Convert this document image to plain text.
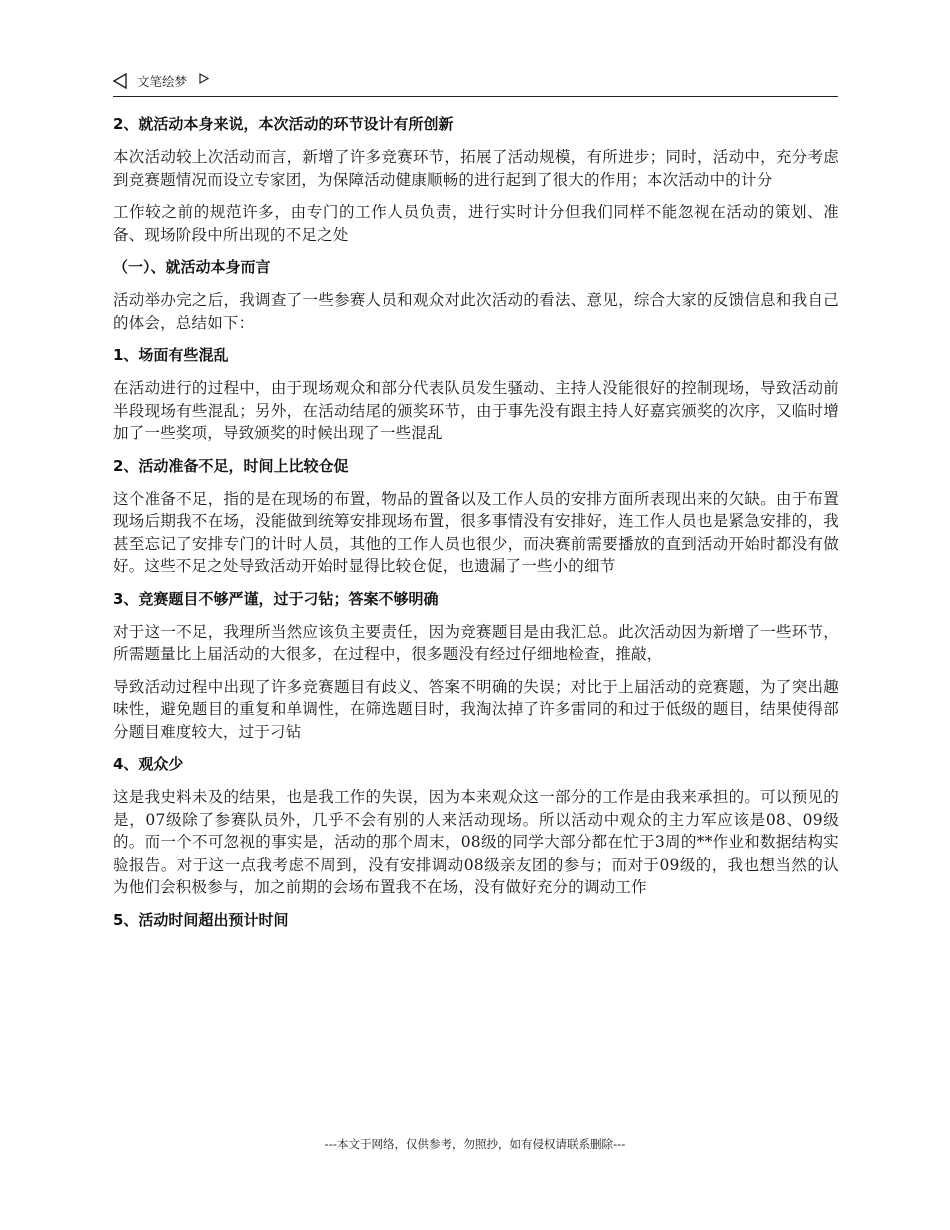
文笔绘梦
2、就活动本身来说，本次活动的环节设计有所创新
本次活动较上次活动而言，新增了许多竞赛环节，拓展了活动规模，有所进步；同时，活动中，充分考虑到竞赛题情况而设立专家团，为保障活动健康顺畅的进行起到了很大的作用；本次活动中的计分
工作较之前的规范许多，由专门的工作人员负责，进行实时计分但我们同样不能忽视在活动的策划、准备、现场阶段中所出现的不足之处
（一）、就活动本身而言
活动举办完之后，我调查了一些参赛人员和观众对此次活动的看法、意见，综合大家的反馈信息和我自己的体会，总结如下：
1、场面有些混乱
在活动进行的过程中，由于现场观众和部分代表队员发生骚动、主持人没能很好的控制现场，导致活动前半段现场有些混乱；另外，在活动结尾的颁奖环节，由于事先没有跟主持人好嘉宾颁奖的次序，又临时增加了一些奖项，导致颁奖的时候出现了一些混乱
2、活动准备不足，时间上比较仓促
这个准备不足，指的是在现场的布置，物品的置备以及工作人员的安排方面所表现出来的欠缺。由于布置现场后期我不在场，没能做到统筹安排现场布置，很多事情没有安排好，连工作人员也是紧急安排的，我甚至忘记了安排专门的计时人员，其他的工作人员也很少，而决赛前需要播放的直到活动开始时都没有做好。这些不足之处导致活动开始时显得比较仓促，也遗漏了一些小的细节
3、竞赛题目不够严谨，过于刁钻；答案不够明确
对于这一不足，我理所当然应该负主要责任，因为竞赛题目是由我汇总。此次活动因为新增了一些环节，所需题量比上届活动的大很多，在过程中，很多题没有经过仔细地检查，推敲，
导致活动过程中出现了许多竞赛题目有歧义、答案不明确的失误；对比于上届活动的竞赛题，为了突出趣味性，避免题目的重复和单调性，在筛选题目时，我淘汰掉了许多雷同的和过于低级的题目，结果使得部分题目难度较大，过于刁钻
4、观众少
这是我史料未及的结果，也是我工作的失误，因为本来观众这一部分的工作是由我来承担的。可以预见的是，07级除了参赛队员外，几乎不会有别的人来活动现场。所以活动中观众的主力军应该是08、09级的。而一个不可忽视的事实是，活动的那个周末，08级的同学大部分都在忙于3周的**作业和数据结构实验报告。对于这一点我考虑不周到，没有安排调动08级亲友团的参与；而对于09级的，我也想当然的认为他们会积极参与，加之前期的会场布置我不在场，没有做好充分的调动工作
5、活动时间超出预计时间
---本文于网络，仅供参考，勿照抄，如有侵权请联系删除---
